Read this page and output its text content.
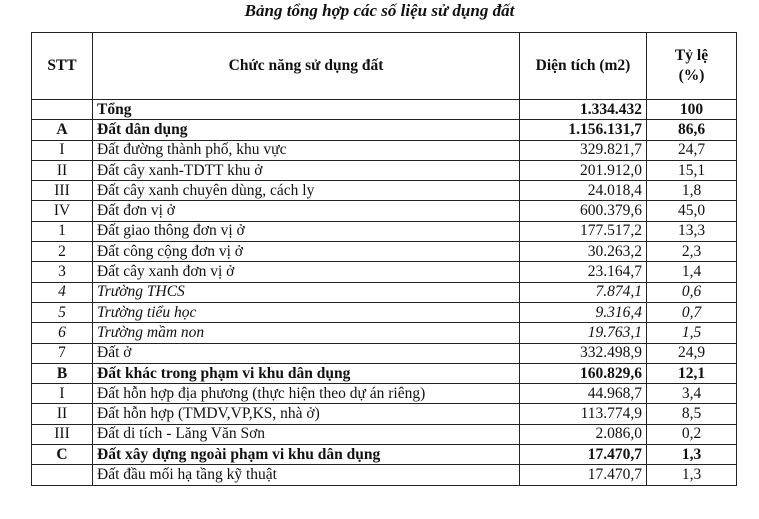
Bảng tổng hợp các số liệu sử dụng đất
STT	Chức năng sử dụng đất	Diện tích (m2)	Tỷ lệ
(%)
	Tổng	1.334.432	100
A	Đất dân dụng	1.156.131,7	86,6
I	Đất đường thành phố, khu vực	329.821,7	24,7
II	Đất cây xanh-TDTT khu ở	201.912,0	15,1
III	Đất cây xanh chuyên dùng, cách ly	24.018,4	1,8
IV	Đất đơn vị ở	600.379,6	45,0
1	Đất giao thông đơn vị ở	177.517,2	13,3
2	Đất công cộng đơn vị ở	30.263,2	2,3
3	Đất cây xanh đơn vị ở	23.164,7	1,4
4	Trường THCS	7.874,1	0,6
5	Trường tiểu học	9.316,4	0,7
6	Trường mầm non	19.763,1	1,5
7	Đất ở	332.498,9	24,9
B	Đất khác trong phạm vi khu dân dụng	160.829,6	12,1
I	Đất hỗn hợp địa phương (thực hiện theo dự án riêng)	44.968,7	3,4
II	Đất hỗn hợp (TMDV,VP,KS, nhà ở)	113.774,9	8,5
III	Đất di tích - Lăng Văn Sơn	2.086,0	0,2
C	Đất xây dựng ngoài phạm vi khu dân dụng	17.470,7	1,3
	Đất đầu mối hạ tầng kỹ thuật	17.470,7	1,3
